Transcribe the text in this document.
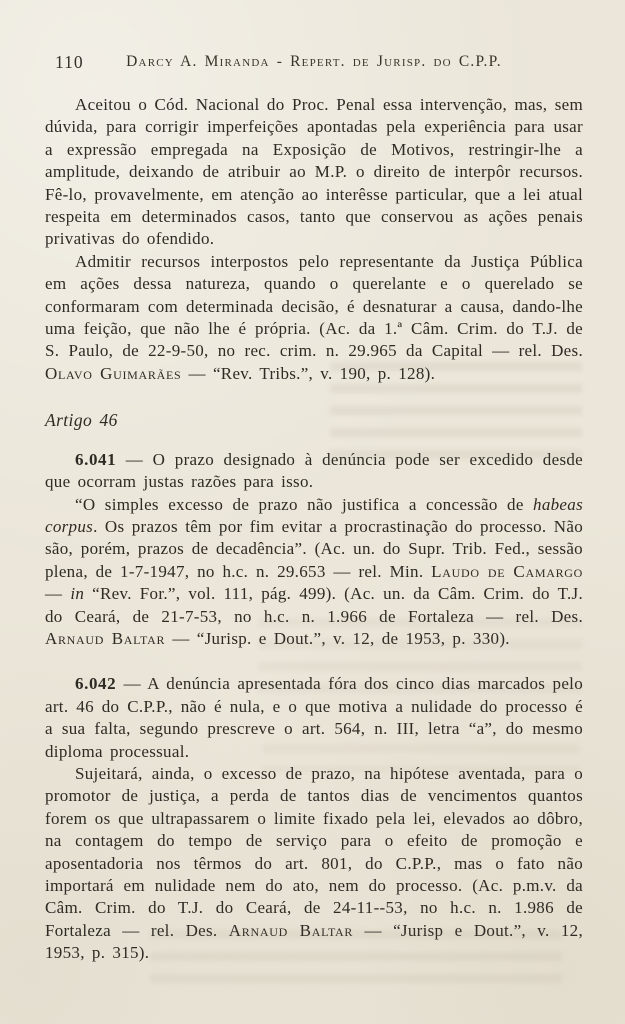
110	Darcy A. Miranda - Repert. de Jurisp. do C.P.P.

Aceitou o Cód. Nacional do Proc. Penal essa intervenção, mas, sem dúvida, para corrigir imperfeições apontadas pela experiência para usar a expressão empregada na Exposição de Motivos, restringir-lhe a amplitude, deixando de atribuir ao M.P. o direito de interpôr recursos. Fê-lo, provavelmente, em atenção ao interêsse particular, que a lei atual respeita em determinados casos, tanto que conservou as ações penais privativas do ofendido.

Admitir recursos interpostos pelo representante da Justiça Pública em ações dessa natureza, quando o querelante e o querelado se conformaram com determinada decisão, é desnaturar a causa, dando-lhe uma feição, que não lhe é própria. (Ac. da 1.ª Câm. Crim. do T.J. de S. Paulo, de 22-9-50, no rec. crim. n. 29.965 da Capital — rel. Des. Olavo Guimarães — “Rev. Tribs.”, v. 190, p. 128).

Artigo 46

6.041 — O prazo designado à denúncia pode ser excedido desde que ocorram justas razões para isso.

“O simples excesso de prazo não justifica a concessão de habeas corpus. Os prazos têm por fim evitar a procrastinação do processo. Não são, porém, prazos de decadência”. (Ac. un. do Supr. Trib. Fed., sessão plena, de 1-7-1947, no h.c. n. 29.653 — rel. Min. Laudo de Camargo — in “Rev. For.”, vol. 111, pág. 499). (Ac. un. da Câm. Crim. do T.J. do Ceará, de 21-7-53, no h.c. n. 1.966 de Fortaleza — rel. Des. Arnaud Baltar — “Jurisp. e Dout.”, v. 12, de 1953, p. 330).

6.042 — A denúncia apresentada fóra dos cinco dias marcados pelo art. 46 do C.P.P., não é nula, e o que motiva a nulidade do processo é a sua falta, segundo prescreve o art. 564, n. III, letra “a”, do mesmo diploma processual.

Sujeitará, ainda, o excesso de prazo, na hipótese aventada, para o promotor de justiça, a perda de tantos dias de vencimentos quantos forem os que ultrapassarem o limite fixado pela lei, elevados ao dôbro, na contagem do tempo de serviço para o efeito de promoção e aposentadoria nos têrmos do art. 801, do C.P.P., mas o fato não importará em nulidade nem do ato, nem do processo. (Ac. p.m.v. da Câm. Crim. do T.J. do Ceará, de 24-11--53, no h.c. n. 1.986 de Fortaleza — rel. Des. Arnaud Baltar — “Jurisp e Dout.”, v. 12, 1953, p. 315).
